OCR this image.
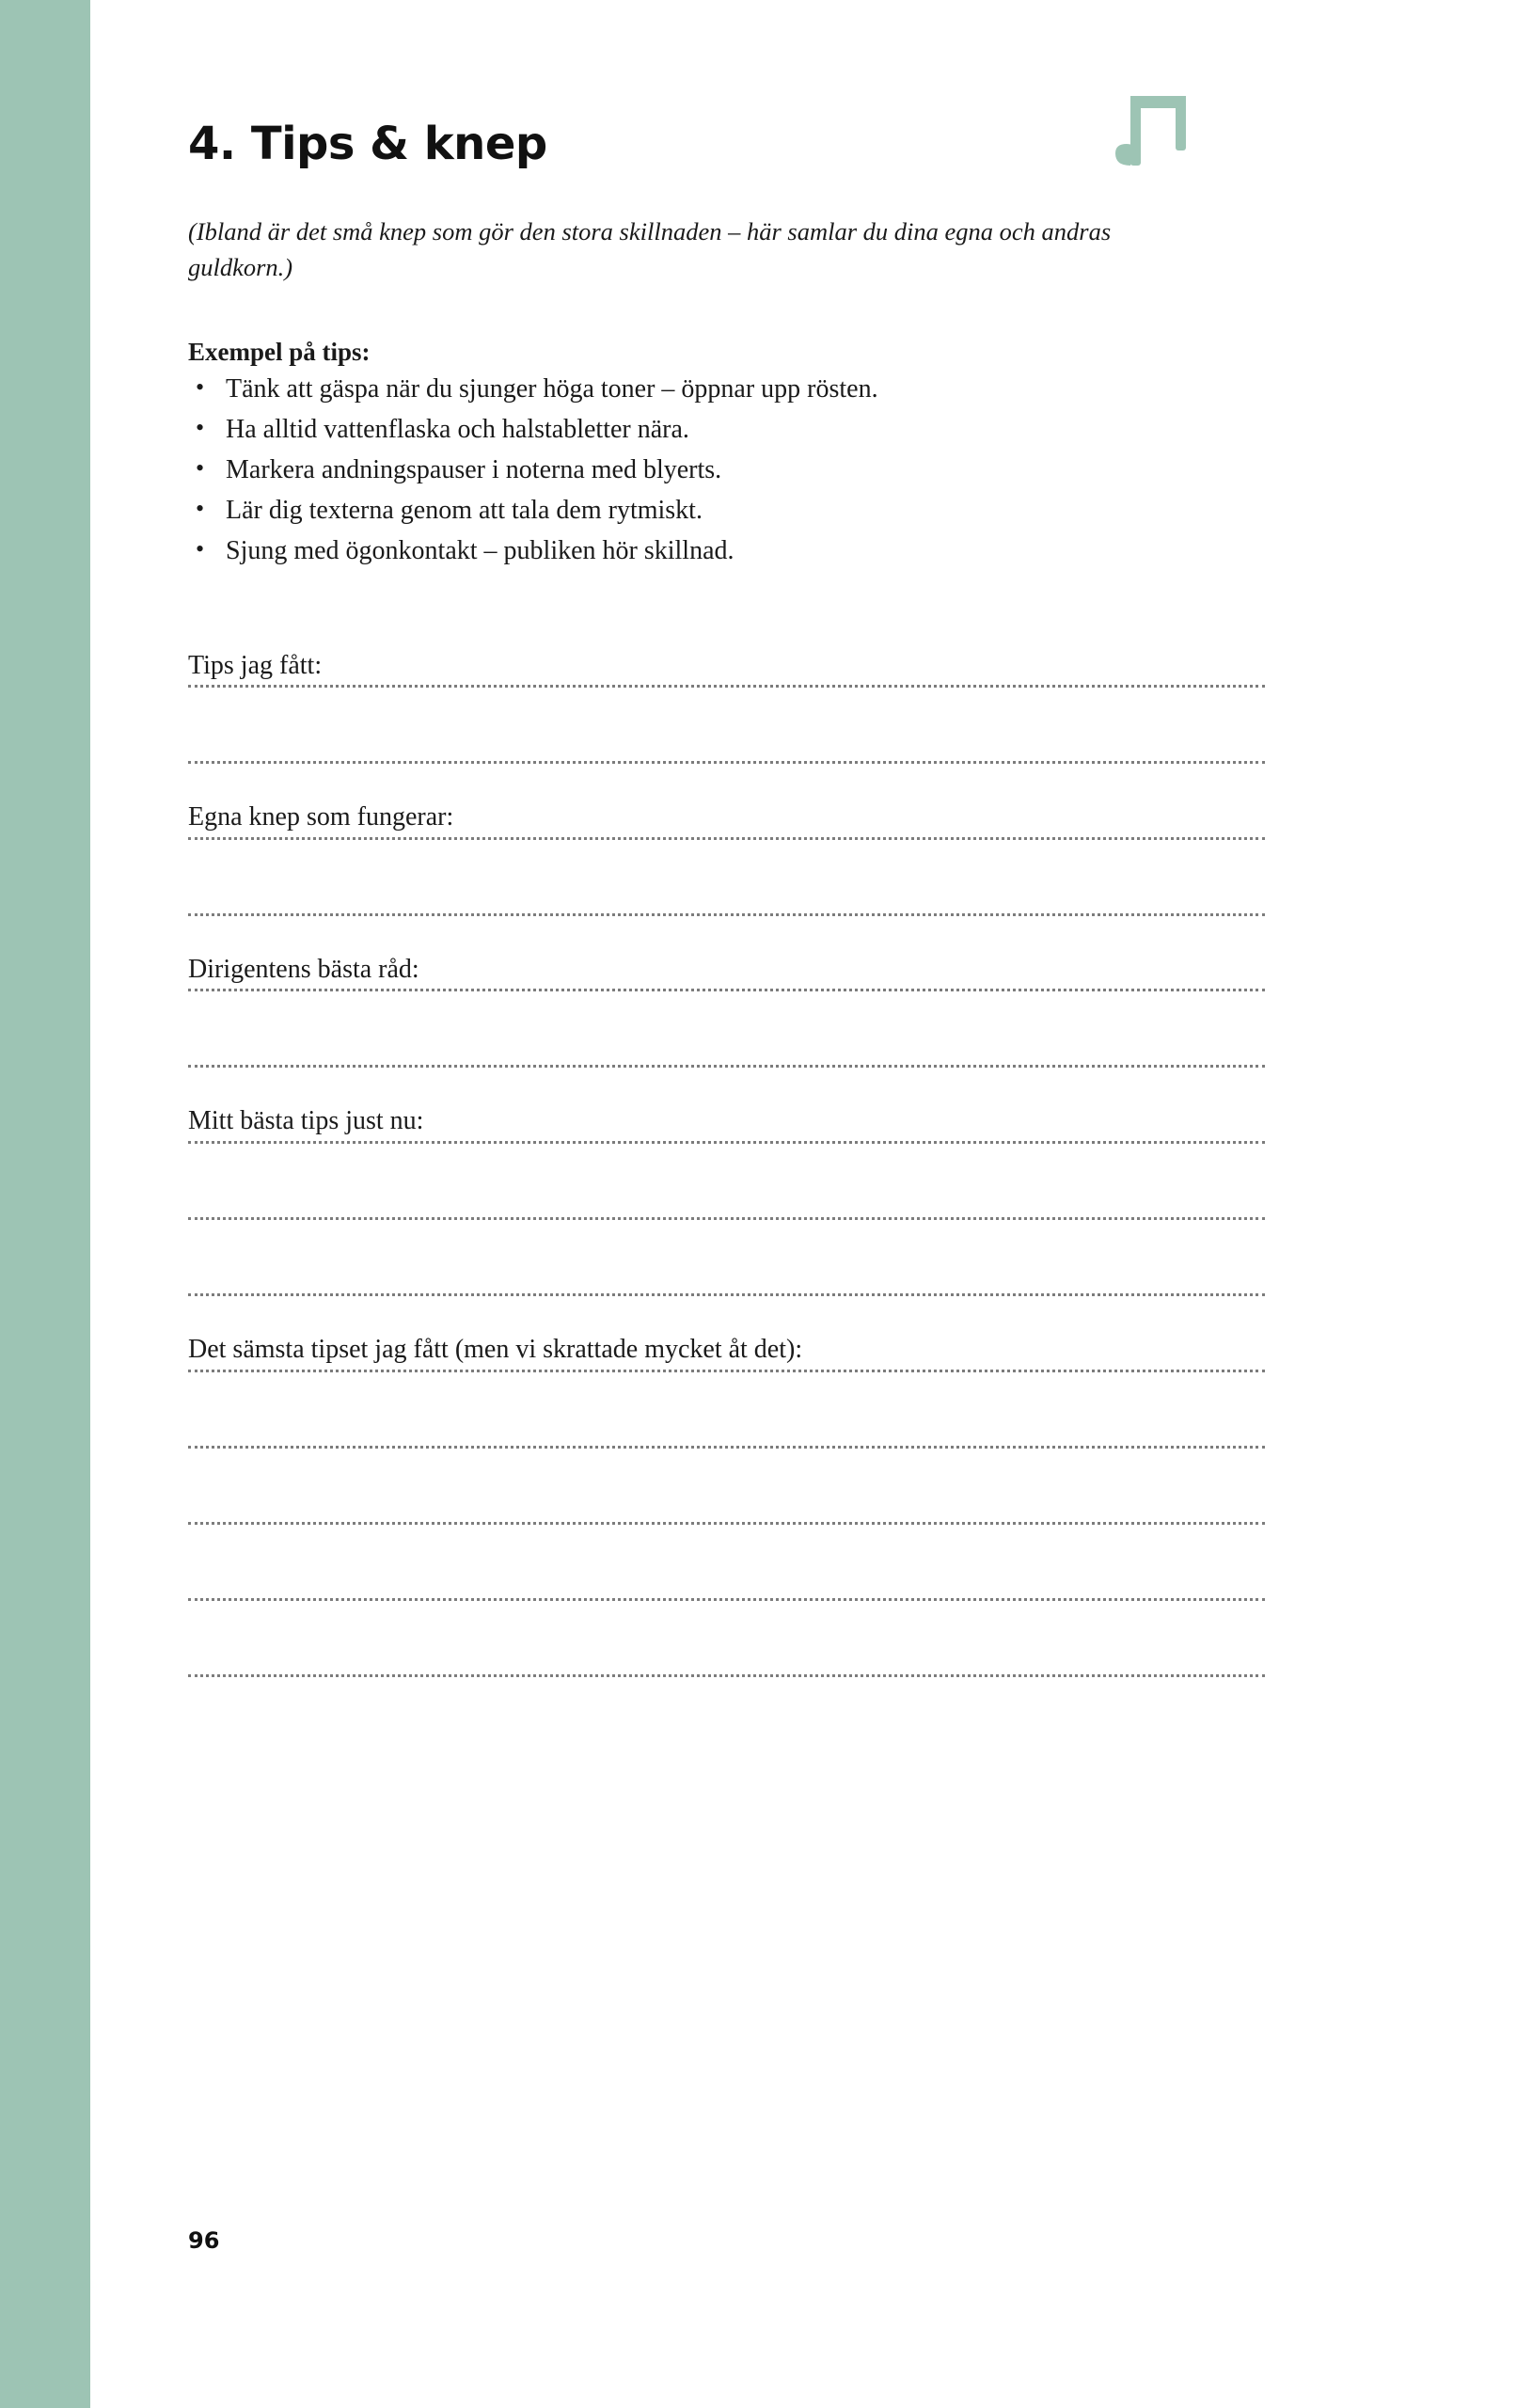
4. Tips & knep

(Ibland är det små knep som gör den stora skillnaden – här samlar du dina egna och andras guldkorn.)

Exempel på tips:
• Tänk att gäspa när du sjunger höga toner – öppnar upp rösten.
• Ha alltid vattenflaska och halstabletter nära.
• Markera andningspauser i noterna med blyerts.
• Lär dig texterna genom att tala dem rytmiskt.
• Sjung med ögonkontakt – publiken hör skillnad.
Tips jag fått:
Egna knep som fungerar:
Dirigentens bästa råd:
Mitt bästa tips just nu:
Det sämsta tipset jag fått (men vi skrattade mycket åt det):
96
